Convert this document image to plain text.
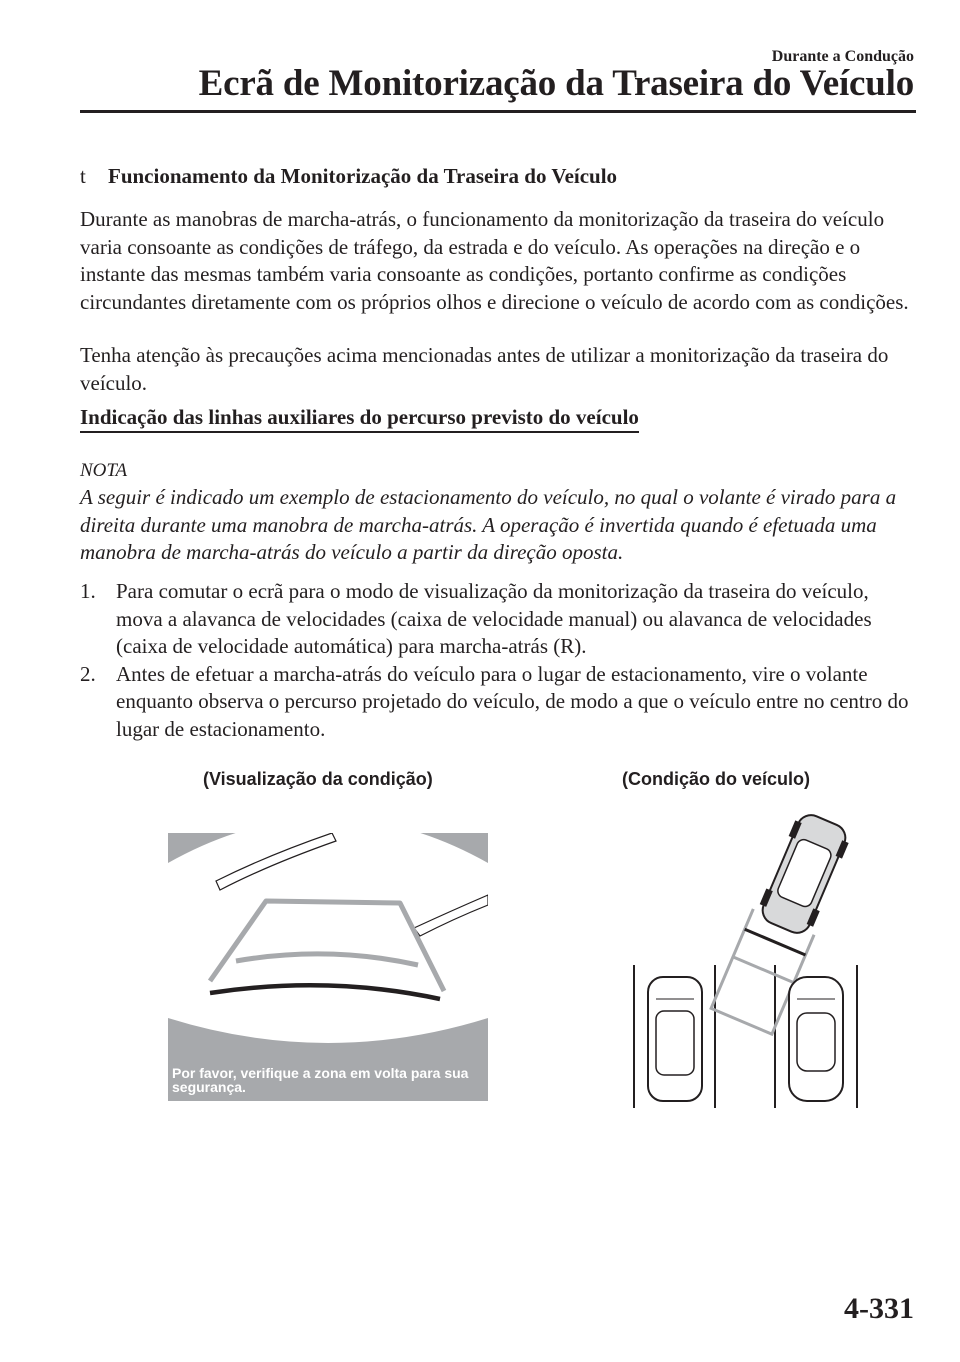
Durante a Condução
Ecrã de Monitorização da Traseira do Veículo
t Funcionamento da Monitorização da Traseira do Veículo
Durante as manobras de marcha-atrás, o funcionamento da monitorização da traseira do veículo varia consoante as condições de tráfego, da estrada e do veículo. As operações na direção e o instante das mesmas também varia consoante as condições, portanto confirme as condições circundantes diretamente com os próprios olhos e direcione o veículo de acordo com as condições.
Tenha atenção às precauções acima mencionadas antes de utilizar a monitorização da traseira do veículo.
Indicação das linhas auxiliares do percurso previsto do veículo
NOTA
A seguir é indicado um exemplo de estacionamento do veículo, no qual o volante é virado para a direita durante uma manobra de marcha-atrás. A operação é invertida quando é efetuada uma manobra de marcha-atrás do veículo a partir da direção oposta.
1. Para comutar o ecrã para o modo de visualização da monitorização da traseira do veículo, mova a alavanca de velocidades (caixa de velocidade manual) ou alavanca de velocidades (caixa de velocidade automática) para marcha-atrás (R).
2. Antes de efetuar a marcha-atrás do veículo para o lugar de estacionamento, vire o volante enquanto observa o percurso projetado do veículo, de modo a que o veículo entre no centro do lugar de estacionamento.
(Visualização da condição)	(Condição do veículo)
Por favor, verifique a zona em volta para sua segurança.
4-331
